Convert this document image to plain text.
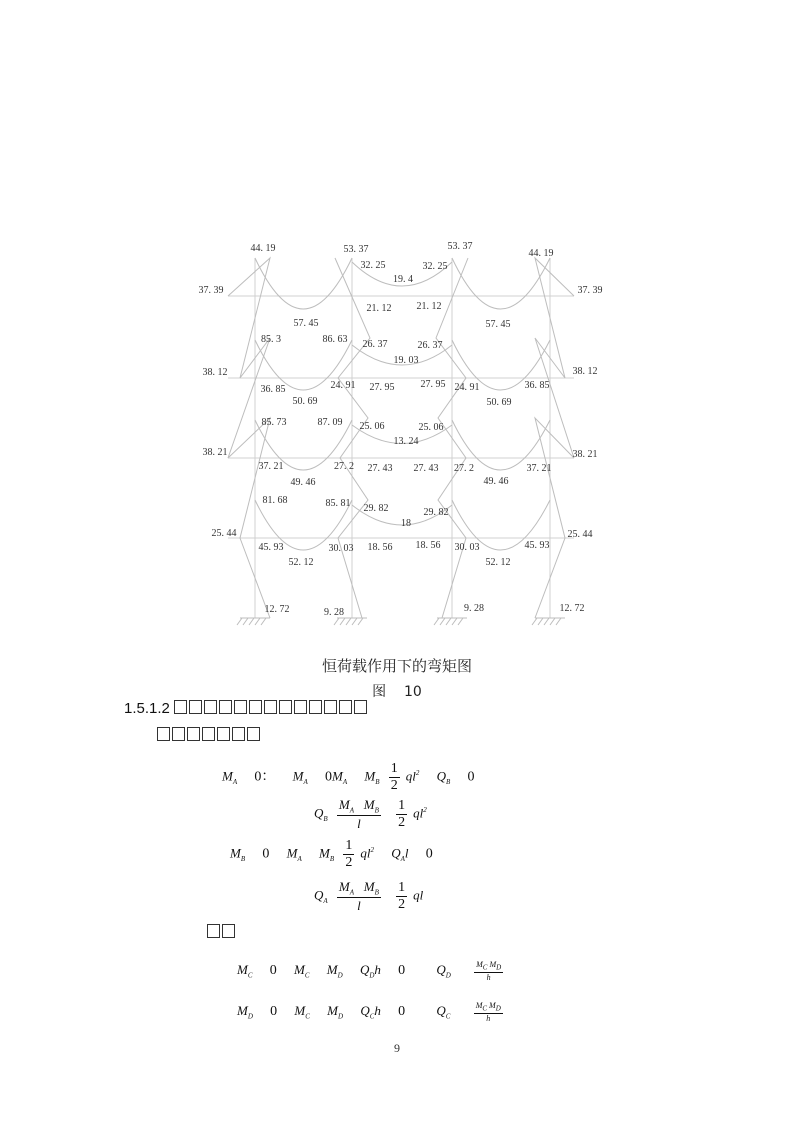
44. 19	53. 37	53. 37
44. 19
32. 25	32. 25
19. 4
37. 39	37. 39
21. 12	21. 12
57. 45	57. 45
85. 3	86. 63 26. 37	26. 37
19. 03
38. 12	38. 12
24. 91 27. 95	27. 95 24. 91
36. 85	36. 85
50. 69	50. 69
85. 73	87. 09 25. 06	25. 06
13. 24
38. 21	38. 21
37. 21	27. 2 27. 43 27. 43 27. 2	37. 21
49. 46	49. 46
81. 68	85. 81 29. 82	29. 82
18
25. 44	25. 44
45. 93	30. 03 18. 56 18. 56 30. 03	45. 93
52. 12	52. 12
12. 72	9. 28	9. 28	12. 72
恒荷载作用下的弯矩图
图 10
1.5.1.2
$M_A$ 0： $M_A$ $0M_A$ $M_B \frac{1}{2} ql^2$ $Q_B$ 0
$Q_B \frac{M_A M_B}{l}$
$\frac{1}{2} ql^2$
$M_B$ 0 $M_A$ $M_B \frac{1}{2} ql^2$ $Q_Al$ 0
$Q_A \frac{M_A M_B}{l}$
$\frac{1}{2}$ ql
$M_C$ 0 $M_C$ $M_D$ $Q_Dh$ 0 $Q_D$	$\frac{M_C M_D}{h}$
$M_D$ 0 $M_C$ $M_D$ $Q_Ch$ 0 $Q_C$	$\frac{M_C M_D}{h}$
9
